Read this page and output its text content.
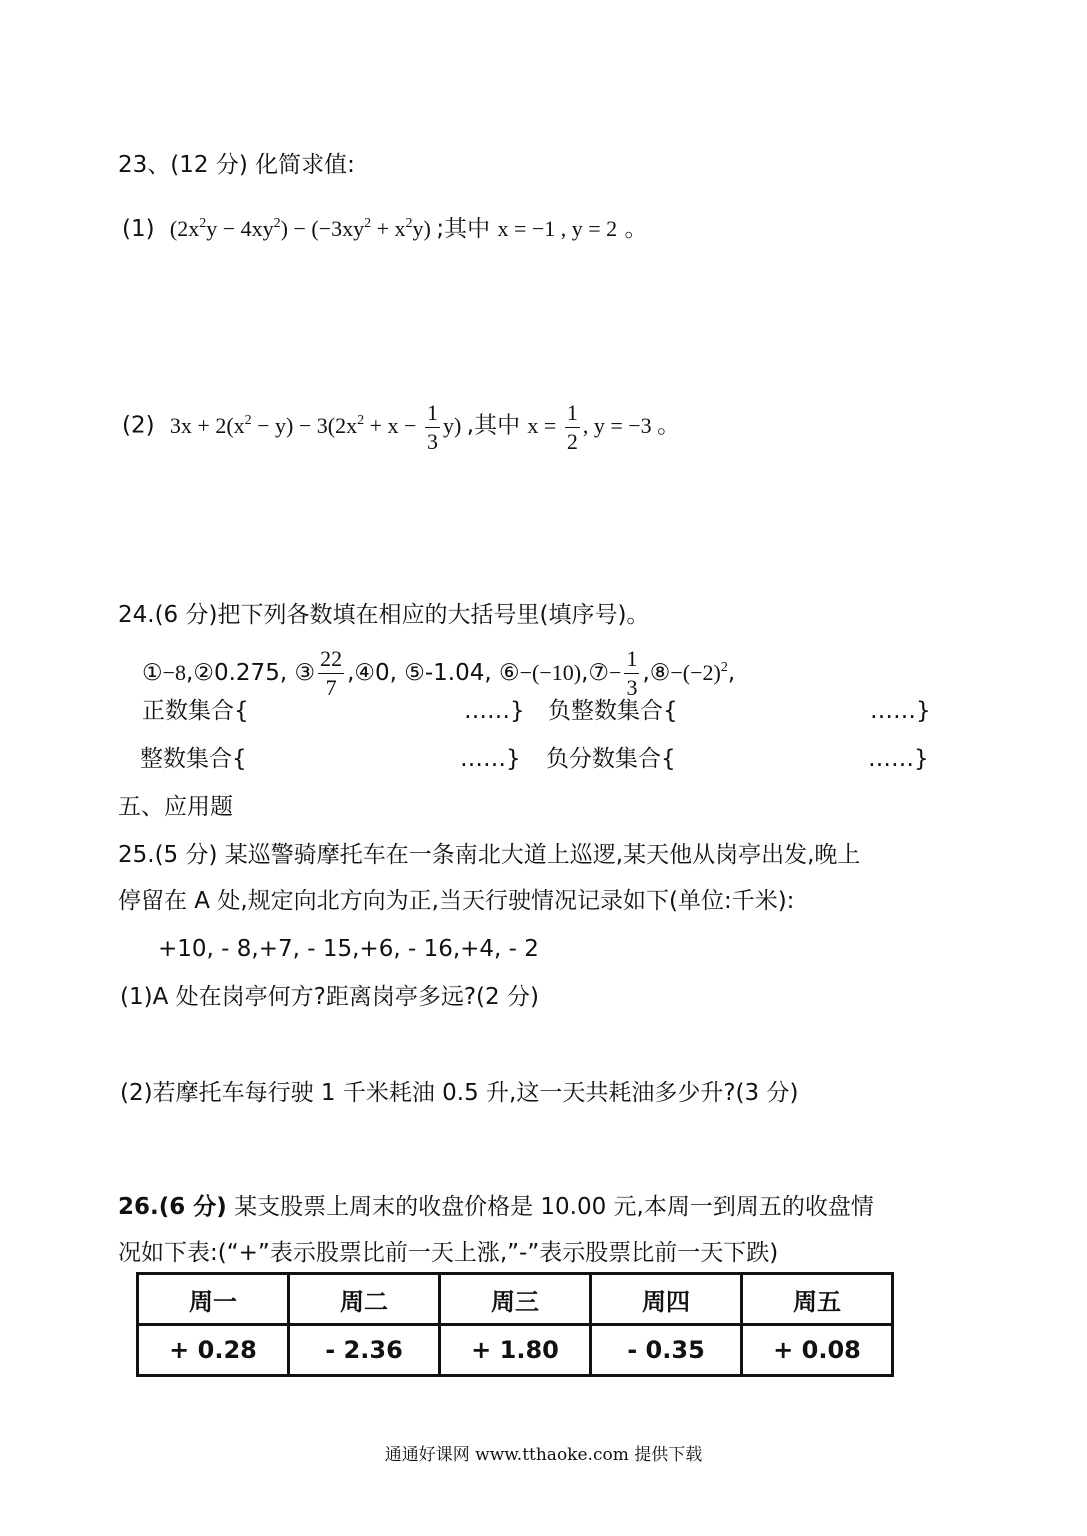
23、(12 分) 化简求值:
(1) $(2x^2y - 4xy^2) - (-3xy^2 + x^2y)$ ;其中 x = −1 , y = 2 。
(2) $3x + 2(x^2 - y) - 3(2x^2 + x - \frac{1}{3} y)$ ,其中 $x = \frac{1}{2}$ , y = −3 。
24.(6 分)把下列各数填在相应的大括号里(填序号)。
①−8,②0.275, ③ $\frac{22}{7}$ ,④0, ⑤-1.04, ⑥−(−10),⑦− $\frac{1}{3}$ $,⑧-(-2)^2$,
正数集合{	……} 负整数集合{	……}
整数集合{	……} 负分数集合{	……}
五、应用题
25.(5 分) 某巡警骑摩托车在一条南北大道上巡逻,某天他从岗亭出发,晚上
停留在 A 处,规定向北方向为正,当天行驶情况记录如下(单位:千米):
+10, - 8,+7, - 15,+6, - 16,+4, - 2
(1)A 处在岗亭何方?距离岗亭多远?(2 分)
(2)若摩托车每行驶 1 千米耗油 0.5 升,这一天共耗油多少升?(3 分)
26.(6 分) 某支股票上周末的收盘价格是 10.00 元,本周一到周五的收盘情
况如下表:(“+”表示股票比前一天上涨,”-”表示股票比前一天下跌)
周一	周二	周三	周四	周五
+ 0.28	- 2.36	+ 1.80	- 0.35	+ 0.08
通通好课网 www.tthaoke.com 提供下载
